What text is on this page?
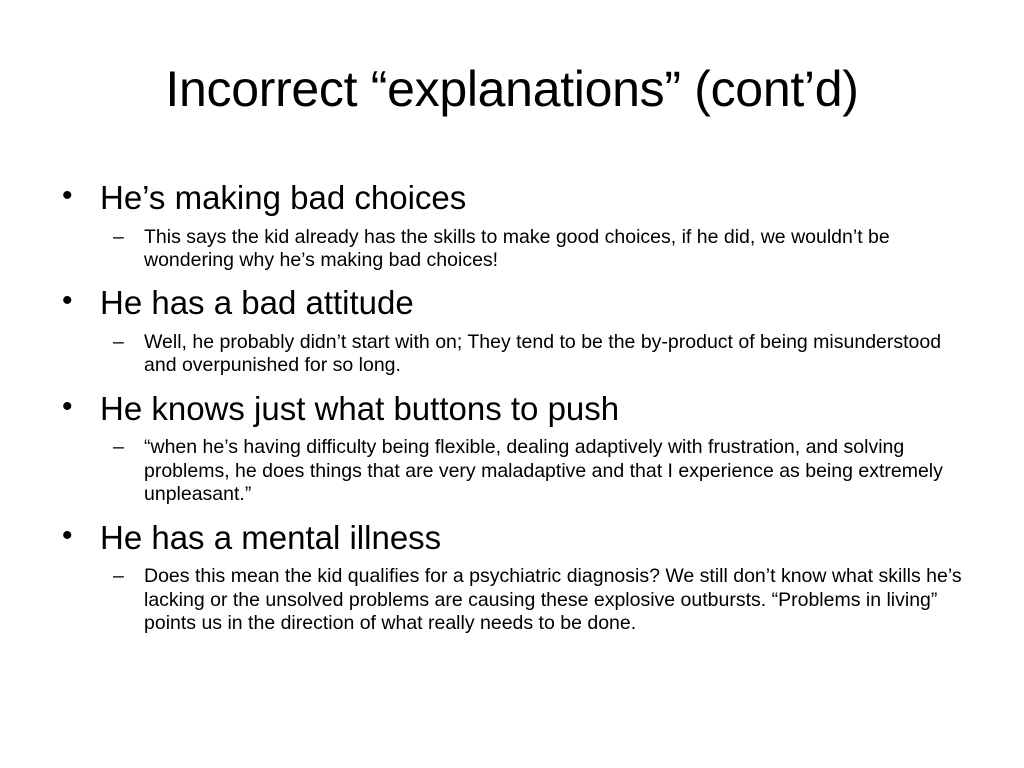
Incorrect “explanations” (cont’d)
• He’s making bad choices
– This says the kid already has the skills to make good choices, if he did, we wouldn’t be wondering why he’s making bad choices!
• He has a bad attitude
– Well, he probably didn’t start with on; They tend to be the by-product of being misunderstood and overpunished for so long.
• He knows just what buttons to push
– “when he’s having difficulty being flexible, dealing adaptively with frustration, and solving problems, he does things that are very maladaptive and that I experience as being extremely unpleasant.”
• He has a mental illness
– Does this mean the kid qualifies for a psychiatric diagnosis? We still don’t know what skills he’s lacking or the unsolved problems are causing these explosive outbursts. “Problems in living” points us in the direction of what really needs to be done.
